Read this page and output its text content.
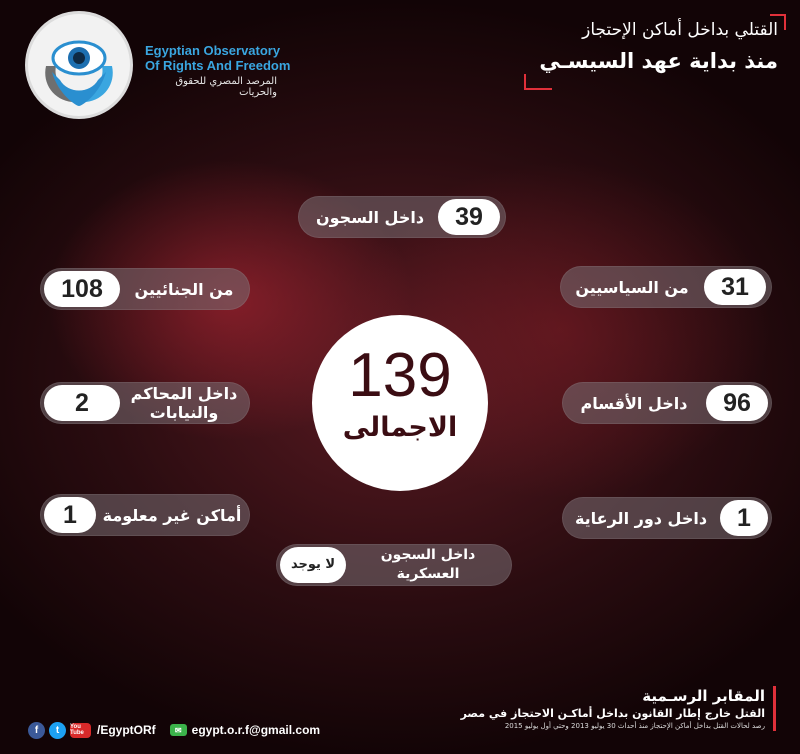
Egyptian Observatory
Of Rights And Freedom
المرصد المصري للحقوق والحريات
القتلي بداخل أماكن الإحتجاز
منذ بداية عهد السيسـي
داخل السجون	39
108	من الجنائيين	من السياسيين	31
2	داخل المحاكم والنيابات	داخل الأقسام	96
1	أماكن غير معلومة	داخل دور الرعاية	1
لا يوجد
داخل السجون العسكرية
139
الاجمالى
المقابر الرسـمية
القتل خارج إطار القانون بداخل أماكـن الاحتجاز في مصر
رصد لحالات القتل بداخل أماكن الإحتجاز منذ أحداث 30 يوليو 2013 وحتي أول يوليو 2015
f	t	You Tube	/EgyptORf	✉ egypt.o.r.f@gmail.com
